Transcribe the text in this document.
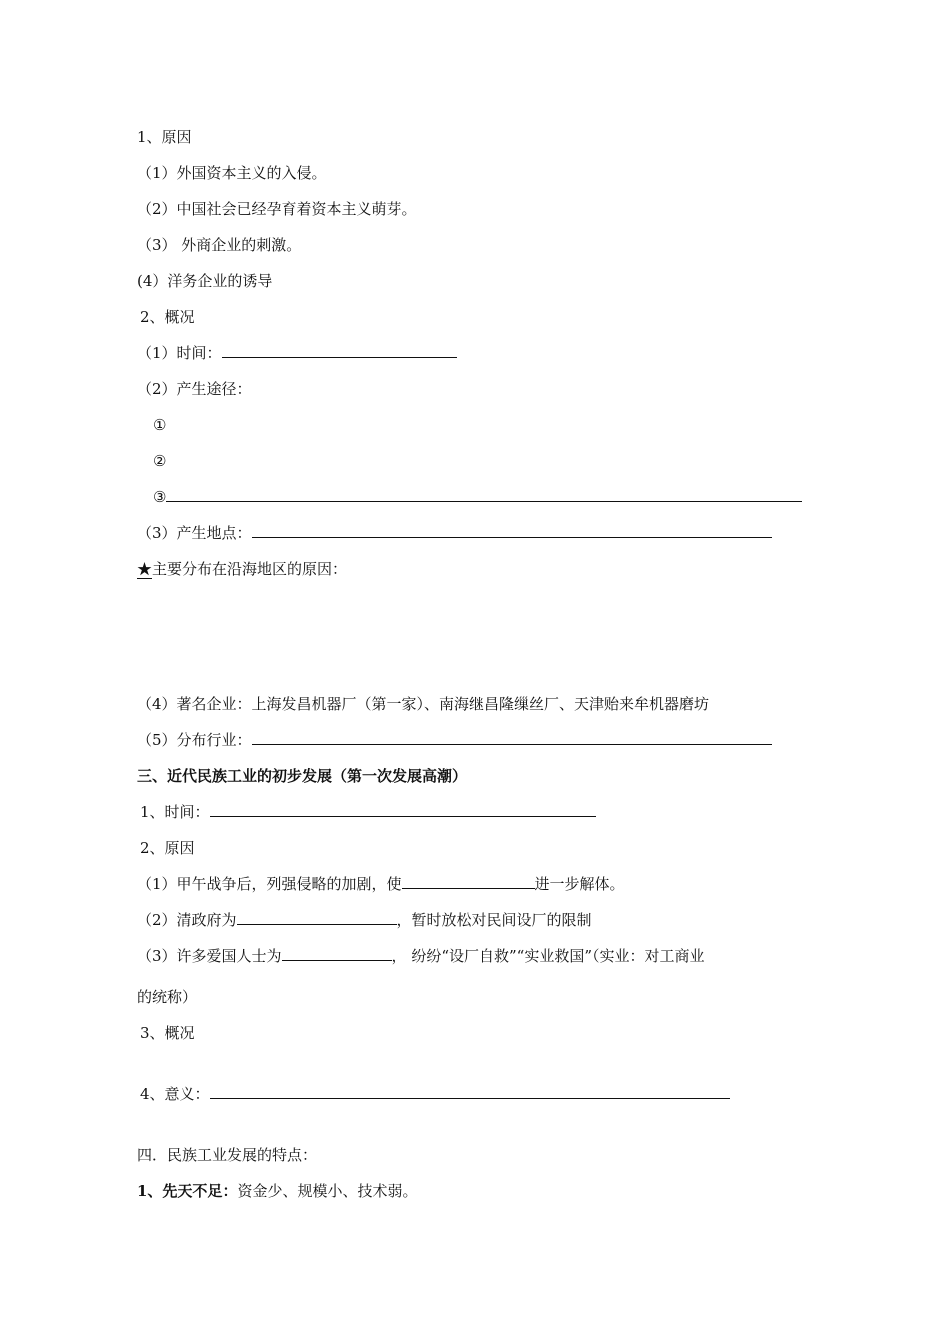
1、原因
（1）外国资本主义的入侵。
（2）中国社会已经孕育着资本主义萌芽。
（3） 外商企业的刺激。
(4）洋务企业的诱导
2、概况
（1）时间：
（2）产生途径：
①
②
③
（3）产生地点：
★主要分布在沿海地区的原因：
（4）著名企业：上海发昌机器厂（第一家）、南海继昌隆缫丝厂、天津贻来牟机器磨坊
（5）分布行业：
三、近代民族工业的初步发展（第一次发展高潮）
1、时间：
2、原因
（1）甲午战争后，列强侵略的加剧，使	进一步解体。
（2）清政府为	，暂时放松对民间设厂的限制
（3）许多爱国人士为	， 纷纷“设厂自救”“实业救国”（实业：对工商业
的统称）
3、概况
4、意义：
四．民族工业发展的特点：
1、先天不足：资金少、规模小、技术弱。
